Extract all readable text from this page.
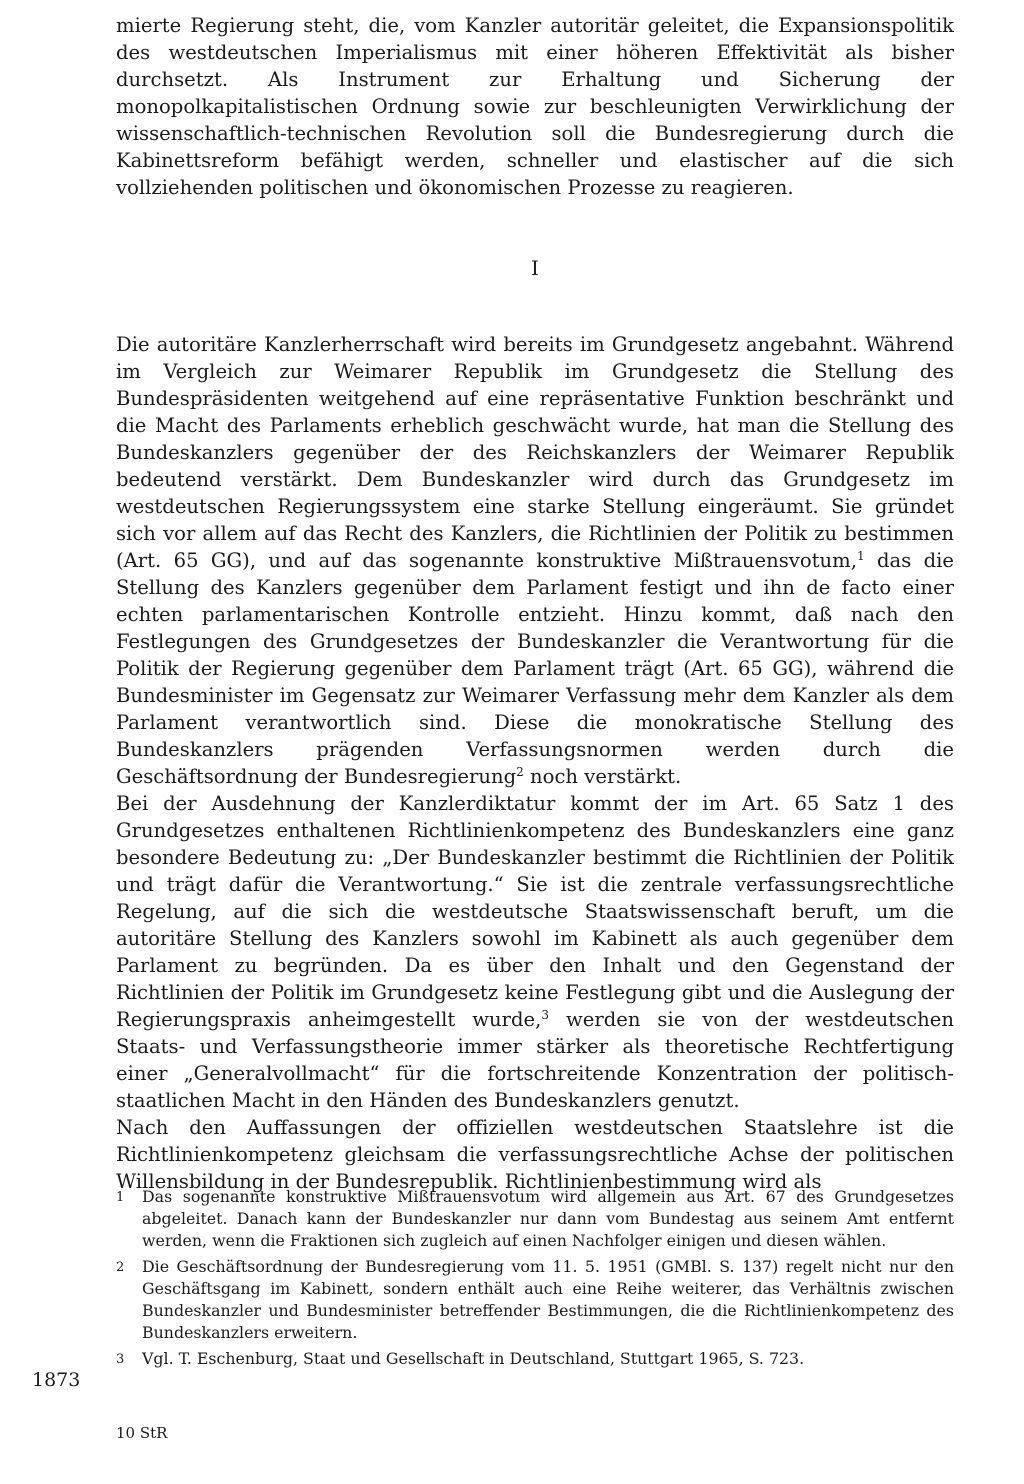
mierte Regierung steht, die, vom Kanzler autoritär geleitet, die Expansionspolitik des westdeutschen Imperialismus mit einer höheren Effektivität als bisher durchsetzt. Als Instrument zur Erhaltung und Sicherung der monopolkapitalistischen Ordnung sowie zur beschleunigten Verwirklichung der wissenschaftlich-technischen Revolution soll die Bundesregierung durch die Kabinettsreform befähigt werden, schneller und elastischer auf die sich vollziehenden politischen und ökonomischen Prozesse zu reagieren.

I

Die autoritäre Kanzlerherrschaft wird bereits im Grundgesetz angebahnt. Während im Vergleich zur Weimarer Republik im Grundgesetz die Stellung des Bundespräsidenten weitgehend auf eine repräsentative Funktion beschränkt und die Macht des Parlaments erheblich geschwächt wurde, hat man die Stellung des Bundeskanzlers gegenüber der des Reichskanzlers der Weimarer Republik bedeutend verstärkt. Dem Bundeskanzler wird durch das Grundgesetz im westdeutschen Regierungssystem eine starke Stellung eingeräumt. Sie gründet sich vor allem auf das Recht des Kanzlers, die Richtlinien der Politik zu bestimmen (Art. 65 GG), und auf das sogenannte konstruktive Mißtrauensvotum,$^1$ das die Stellung des Kanzlers gegenüber dem Parlament festigt und ihn de facto einer echten parlamentarischen Kontrolle entzieht. Hinzu kommt, daß nach den Festlegungen des Grundgesetzes der Bundeskanzler die Verantwortung für die Politik der Regierung gegenüber dem Parlament trägt (Art. 65 GG), während die Bundesminister im Gegensatz zur Weimarer Verfassung mehr dem Kanzler als dem Parlament verantwortlich sind. Diese die monokratische Stellung des Bundeskanzlers prägenden Verfassungsnormen werden durch die Geschäftsordnung der Bundesregierung$^2$ noch verstärkt.

Bei der Ausdehnung der Kanzlerdiktatur kommt der im Art. 65 Satz 1 des Grundgesetzes enthaltenen Richtlinienkompetenz des Bundeskanzlers eine ganz besondere Bedeutung zu: „Der Bundeskanzler bestimmt die Richtlinien der Politik und trägt dafür die Verantwortung.“ Sie ist die zentrale verfassungsrechtliche Regelung, auf die sich die westdeutsche Staatswissenschaft beruft, um die autoritäre Stellung des Kanzlers sowohl im Kabinett als auch gegenüber dem Parlament zu begründen. Da es über den Inhalt und den Gegenstand der Richtlinien der Politik im Grundgesetz keine Festlegung gibt und die Auslegung der Regierungspraxis anheimgestellt wurde,$^3$ werden sie von der westdeutschen Staats- und Verfassungstheorie immer stärker als theoretische Rechtfertigung einer „Generalvollmacht“ für die fortschreitende Konzentration der politisch-staatlichen Macht in den Händen des Bundeskanzlers genutzt.

Nach den Auffassungen der offiziellen westdeutschen Staatslehre ist die Richtlinienkompetenz gleichsam die verfassungsrechtliche Achse der politischen Willensbildung in der Bundesrepublik. Richtlinienbestimmung wird als

1	Das sogenannte konstruktive Mißtrauensvotum wird allgemein aus Art. 67 des Grundgesetzes abgeleitet. Danach kann der Bundeskanzler nur dann vom Bundestag aus seinem Amt entfernt werden, wenn die Fraktionen sich zugleich auf einen Nachfolger einigen und diesen wählen.
2	Die Geschäftsordnung der Bundesregierung vom 11. 5. 1951 (GMBl. S. 137) regelt nicht nur den Geschäftsgang im Kabinett, sondern enthält auch eine Reihe weiterer, das Verhältnis zwischen Bundeskanzler und Bundesminister betreffender Bestimmungen, die die Richtlinienkompetenz des Bundeskanzlers erweitern.
3	Vgl. T. Eschenburg, Staat und Gesellschaft in Deutschland, Stuttgart 1965, S. 723.
1873
10 StR
